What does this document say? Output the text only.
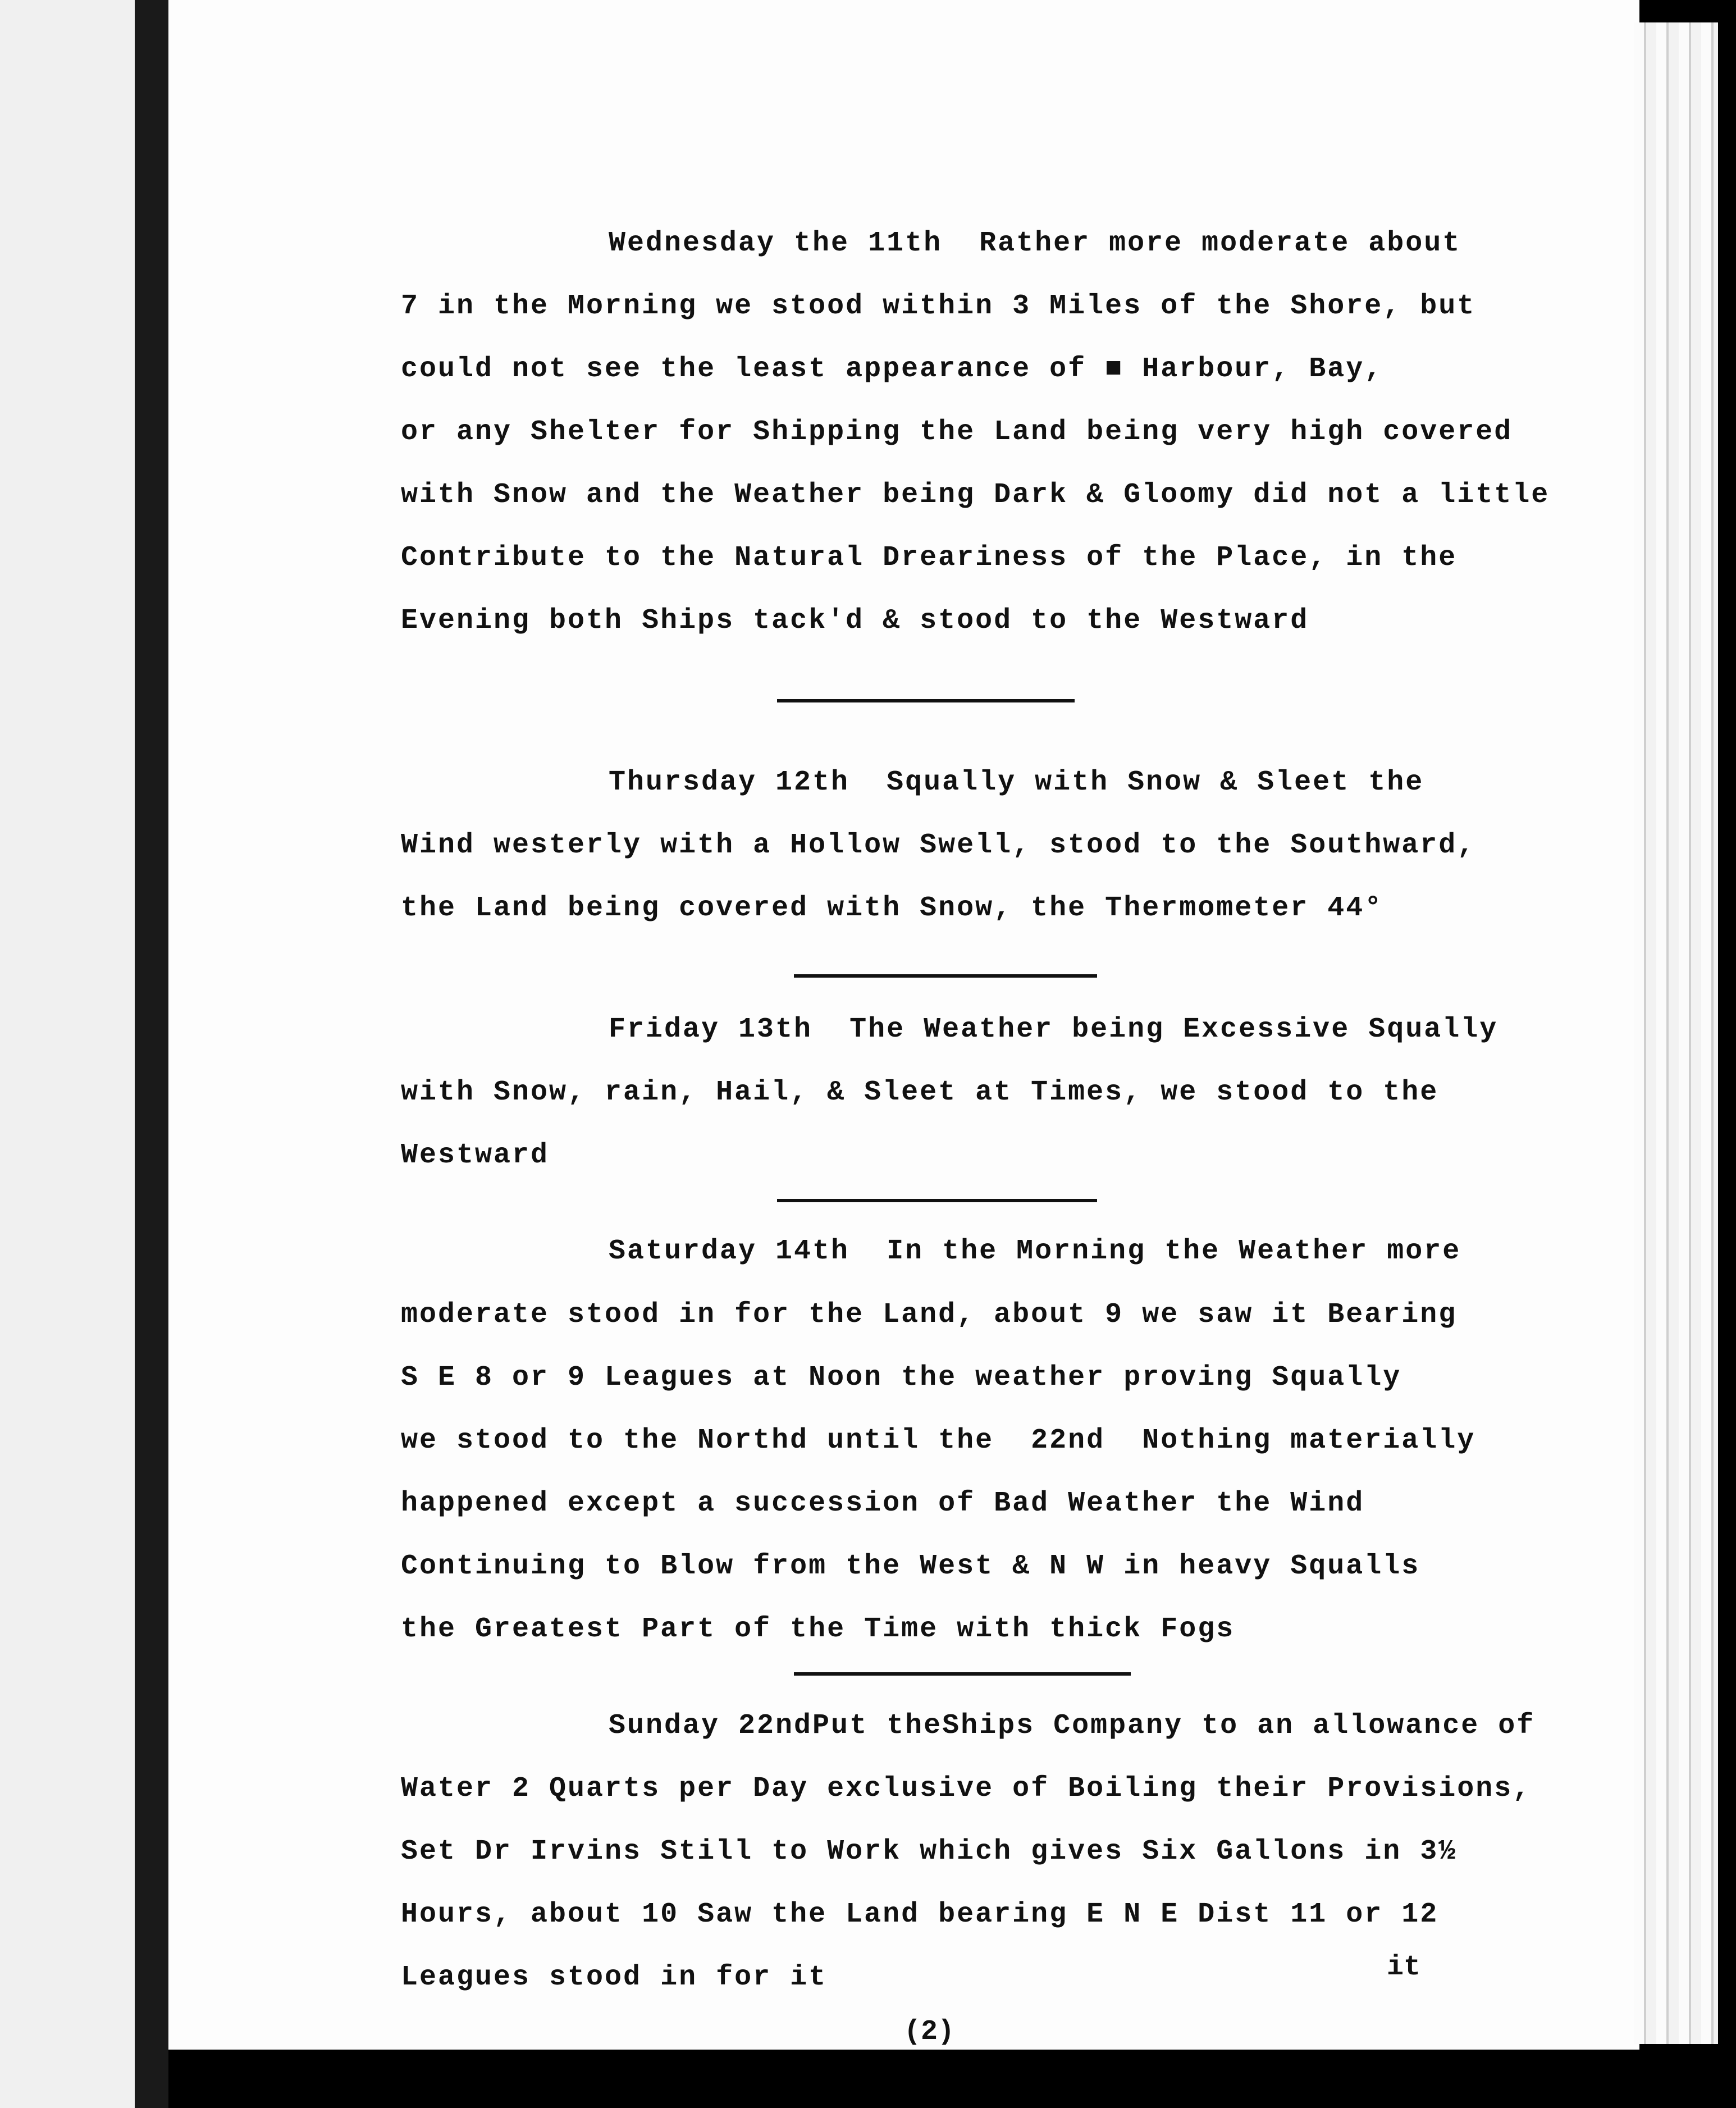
Wednesday the 11th  Rather more moderate about
7 in the Morning we stood within 3 Miles of the Shore, but
could not see the least appearance of ■ Harbour, Bay,
or any Shelter for Shipping the Land being very high covered
with Snow and the Weather being Dark & Gloomy did not a little
Contribute to the Natural Dreariness of the Place, in the
Evening both Ships tack'd & stood to the Westward
Thursday 12th  Squally with Snow & Sleet the
Wind westerly with a Hollow Swell, stood to the Southward,
the Land being covered with Snow, the Thermometer 44°
Friday 13th  The Weather being Excessive Squally
with Snow, rain, Hail, & Sleet at Times, we stood to the
Westward
Saturday 14th  In the Morning the Weather more
moderate stood in for the Land, about 9 we saw it Bearing
S E 8 or 9 Leagues at Noon the weather proving Squally
we stood to the Northd until the  22nd  Nothing materially
happened except a succession of Bad Weather the Wind
Continuing to Blow from the West & N W in heavy Squalls
the Greatest Part of the Time with thick Fogs
Sunday 22ndPut theShips Company to an allowance of
Water 2 Quarts per Day exclusive of Boiling their Provisions,
Set Dr Irvins Still to Work which gives Six Gallons in 3½
Hours, about 10 Saw the Land bearing E N E Dist 11 or 12
Leagues stood in for it	it
(2)
